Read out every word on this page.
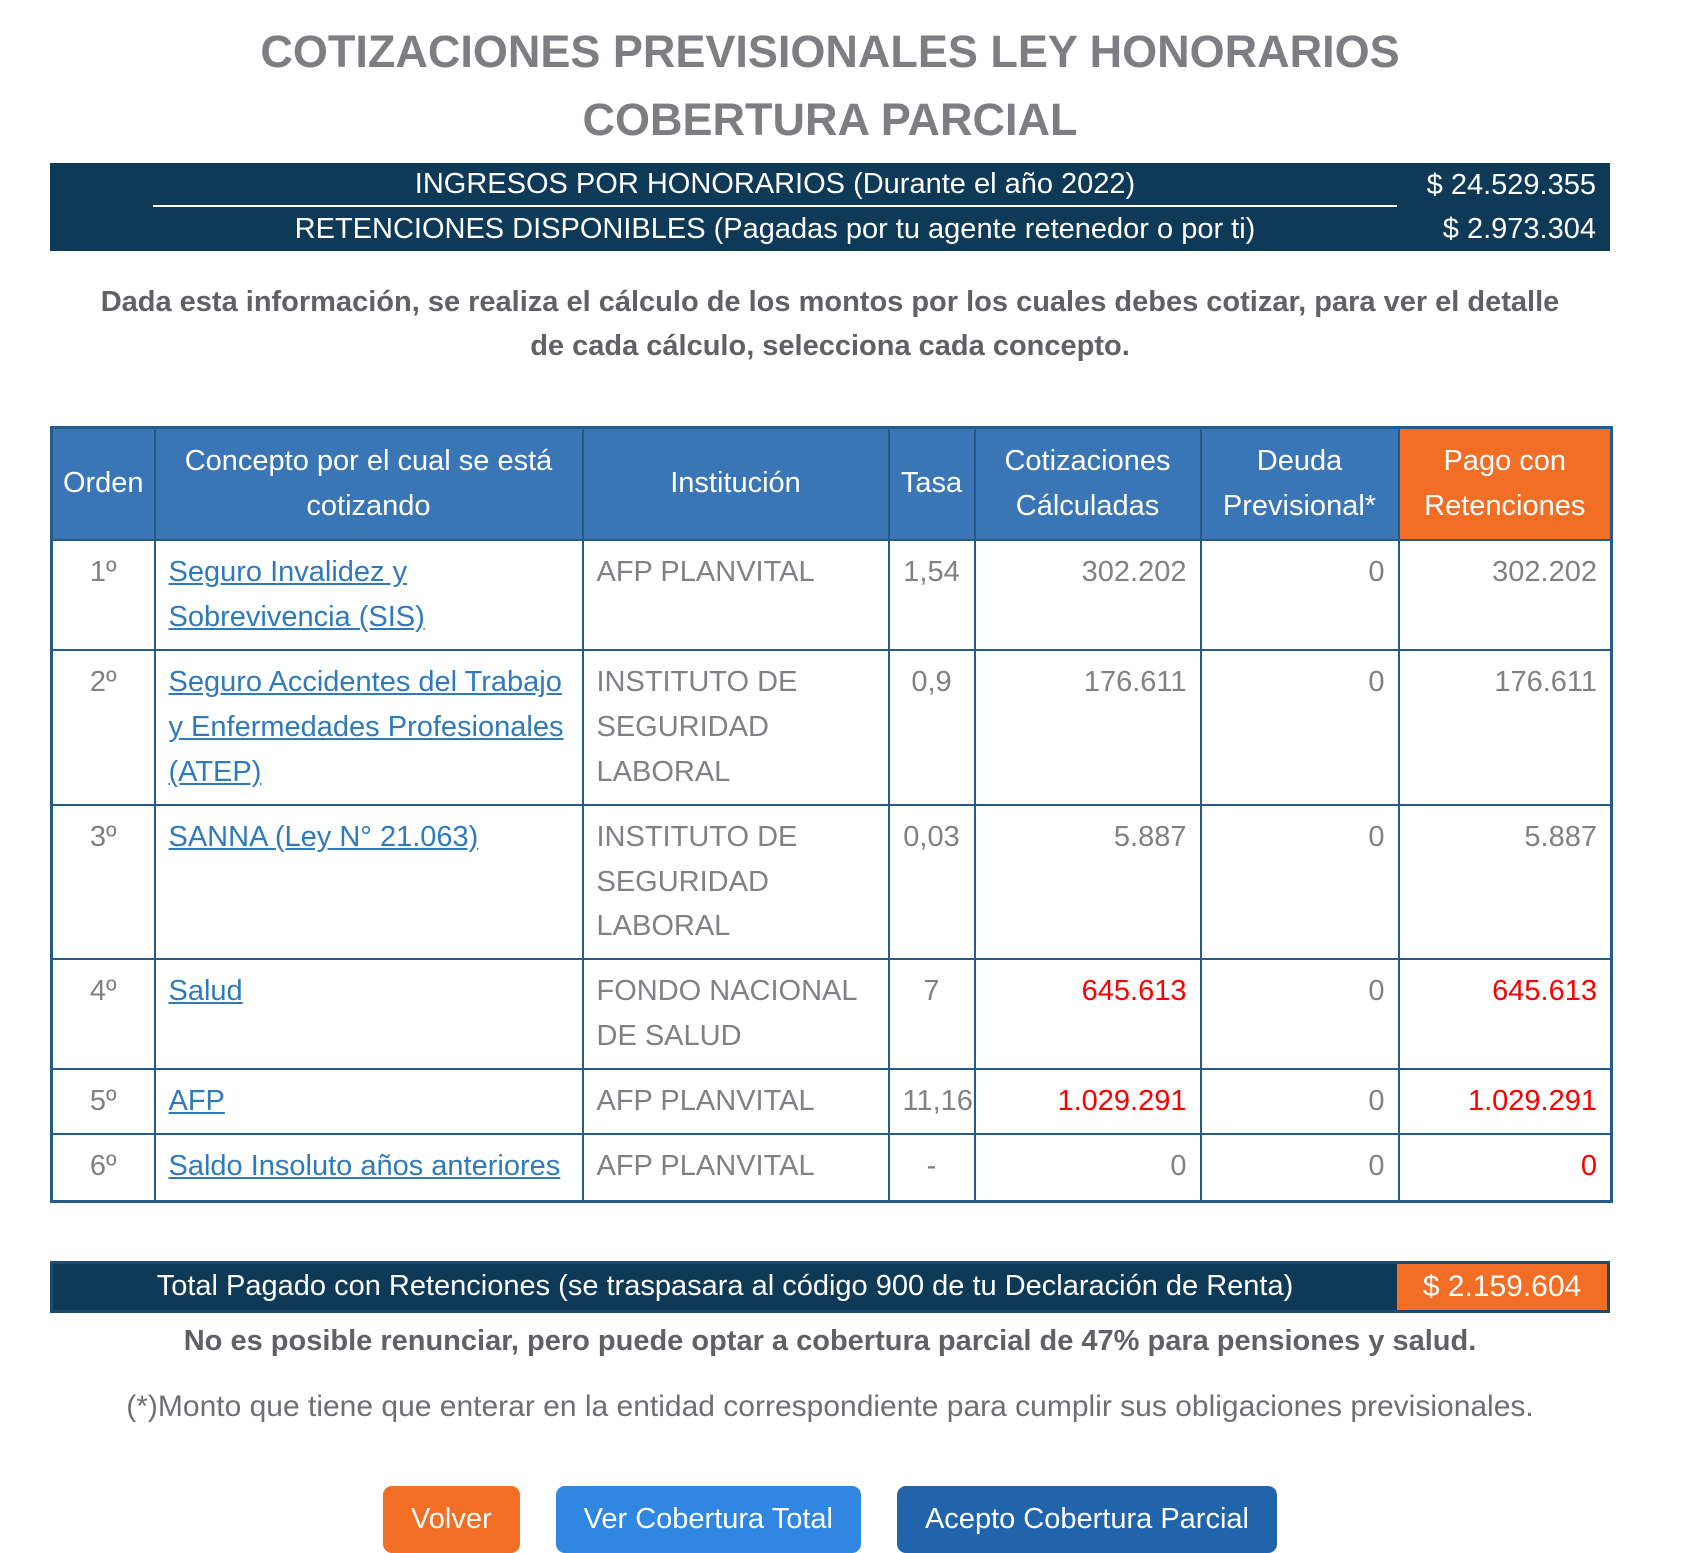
COTIZACIONES PREVISIONALES LEY HONORARIOS
COBERTURA PARCIAL
INGRESOS POR HONORARIOS (Durante el año 2022)	$ 24.529.355
RETENCIONES DISPONIBLES (Pagadas por tu agente retenedor o por ti)	$ 2.973.304

Dada esta información, se realiza el cálculo de los montos por los cuales debes cotizar, para ver el detalle de cada cálculo, selecciona cada concepto.

Orden	Concepto por el cual se está cotizando	Institución	Tasa	Cotizaciones Cálculadas	Deuda Previsional*	Pago con Retenciones
1º	Seguro Invalidez y Sobrevivencia (SIS)	AFP PLANVITAL	1,54	302.202	0	302.202
2º	Seguro Accidentes del Trabajo y Enfermedades Profesionales (ATEP)	INSTITUTO DE SEGURIDAD LABORAL	0,9	176.611	0	176.611
3º	SANNA (Ley N° 21.063)	INSTITUTO DE SEGURIDAD LABORAL	0,03	5.887	0	5.887
4º	Salud	FONDO NACIONAL DE SALUD	7	645.613	0	645.613
5º	AFP	AFP PLANVITAL	11,16	1.029.291	0	1.029.291
6º	Saldo Insoluto años anteriores	AFP PLANVITAL	-	0	0	0
Total Pagado con Retenciones (se traspasara al código 900 de tu Declaración de Renta)	$ 2.159.604

No es posible renunciar, pero puede optar a cobertura parcial de 47% para pensiones y salud.

(*)Monto que tiene que enterar en la entidad correspondiente para cumplir sus obligaciones previsionales.

Volver	Ver Cobertura Total	Acepto Cobertura Parcial
